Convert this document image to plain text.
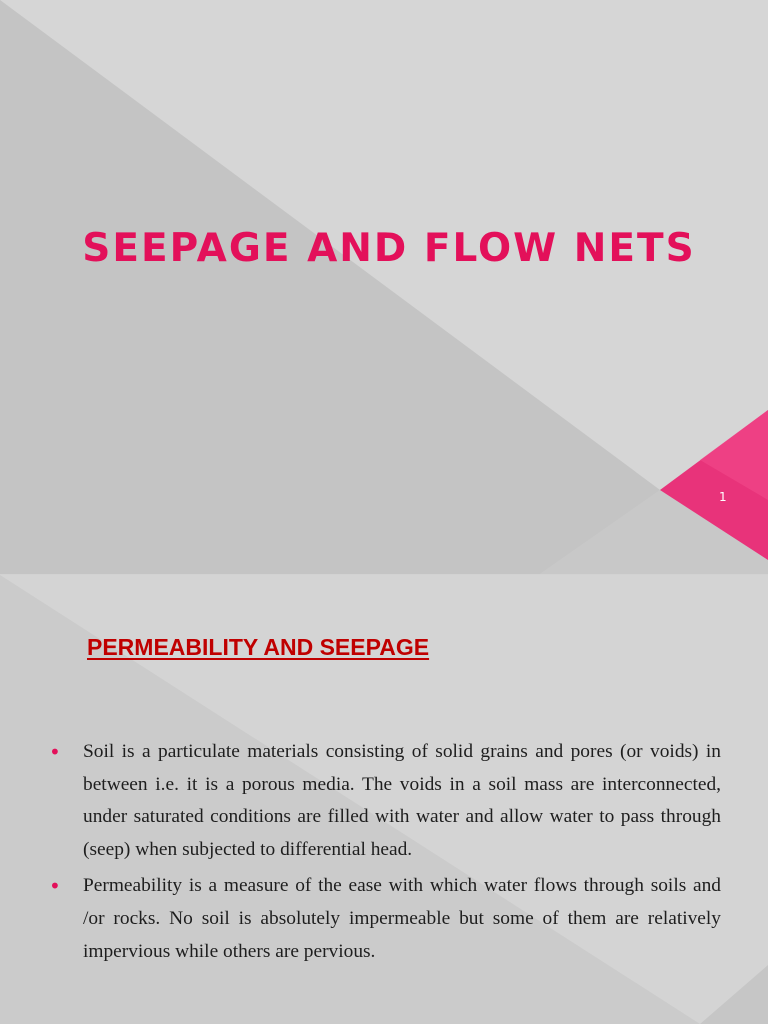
SEEPAGE AND FLOW NETS
1
PERMEABILITY AND SEEPAGE
• Soil is a particulate materials consisting of solid grains and pores (or voids) in between i.e. it is a porous media. The voids in a soil mass are interconnected, under saturated conditions are filled with water and allow water to pass through (seep) when subjected to differential head.
• Permeability is a measure of the ease with which water flows through soils and /or rocks. No soil is absolutely impermeable but some of them are relatively impervious while others are pervious.
